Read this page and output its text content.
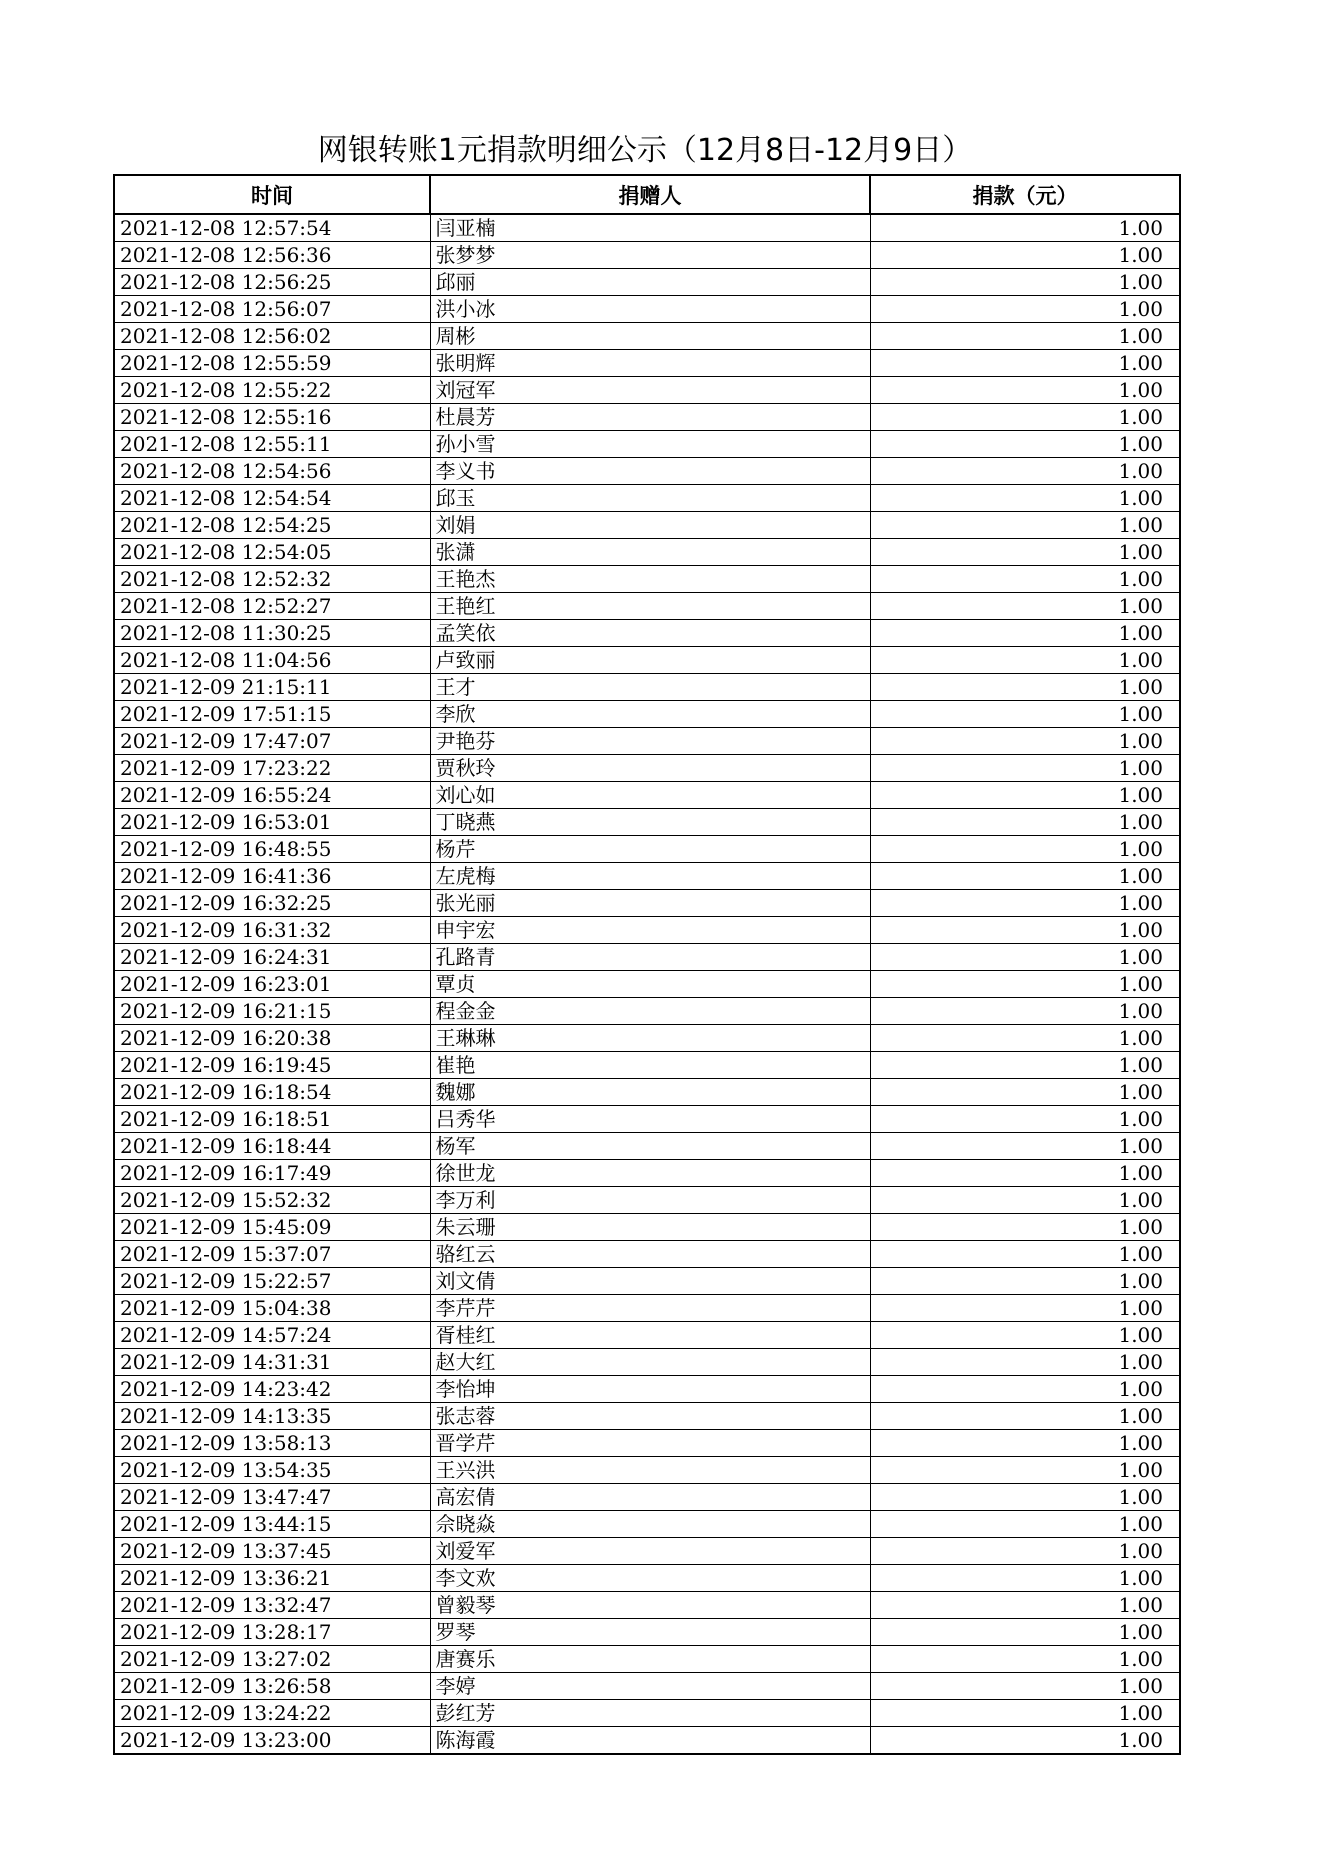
网银转账1元捐款明细公示（12月8日-12月9日）
时间	捐赠人	捐款（元）
2021-12-08 12:57:54	闫亚楠	1.00
2021-12-08 12:56:36	张梦梦	1.00
2021-12-08 12:56:25	邱丽	1.00
2021-12-08 12:56:07	洪小冰	1.00
2021-12-08 12:56:02	周彬	1.00
2021-12-08 12:55:59	张明辉	1.00
2021-12-08 12:55:22	刘冠军	1.00
2021-12-08 12:55:16	杜晨芳	1.00
2021-12-08 12:55:11	孙小雪	1.00
2021-12-08 12:54:56	李义书	1.00
2021-12-08 12:54:54	邱玉	1.00
2021-12-08 12:54:25	刘娟	1.00
2021-12-08 12:54:05	张潇	1.00
2021-12-08 12:52:32	王艳杰	1.00
2021-12-08 12:52:27	王艳红	1.00
2021-12-08 11:30:25	孟笑依	1.00
2021-12-08 11:04:56	卢致丽	1.00
2021-12-09 21:15:11	王才	1.00
2021-12-09 17:51:15	李欣	1.00
2021-12-09 17:47:07	尹艳芬	1.00
2021-12-09 17:23:22	贾秋玲	1.00
2021-12-09 16:55:24	刘心如	1.00
2021-12-09 16:53:01	丁晓燕	1.00
2021-12-09 16:48:55	杨芹	1.00
2021-12-09 16:41:36	左虎梅	1.00
2021-12-09 16:32:25	张光丽	1.00
2021-12-09 16:31:32	申宇宏	1.00
2021-12-09 16:24:31	孔路青	1.00
2021-12-09 16:23:01	覃贞	1.00
2021-12-09 16:21:15	程金金	1.00
2021-12-09 16:20:38	王琳琳	1.00
2021-12-09 16:19:45	崔艳	1.00
2021-12-09 16:18:54	魏娜	1.00
2021-12-09 16:18:51	吕秀华	1.00
2021-12-09 16:18:44	杨军	1.00
2021-12-09 16:17:49	徐世龙	1.00
2021-12-09 15:52:32	李万利	1.00
2021-12-09 15:45:09	朱云珊	1.00
2021-12-09 15:37:07	骆红云	1.00
2021-12-09 15:22:57	刘文倩	1.00
2021-12-09 15:04:38	李芹芹	1.00
2021-12-09 14:57:24	胥桂红	1.00
2021-12-09 14:31:31	赵大红	1.00
2021-12-09 14:23:42	李怡坤	1.00
2021-12-09 14:13:35	张志蓉	1.00
2021-12-09 13:58:13	晋学芹	1.00
2021-12-09 13:54:35	王兴洪	1.00
2021-12-09 13:47:47	高宏倩	1.00
2021-12-09 13:44:15	佘晓焱	1.00
2021-12-09 13:37:45	刘爱军	1.00
2021-12-09 13:36:21	李文欢	1.00
2021-12-09 13:32:47	曾毅琴	1.00
2021-12-09 13:28:17	罗琴	1.00
2021-12-09 13:27:02	唐赛乐	1.00
2021-12-09 13:26:58	李婷	1.00
2021-12-09 13:24:22	彭红芳	1.00
2021-12-09 13:23:00	陈海霞	1.00
